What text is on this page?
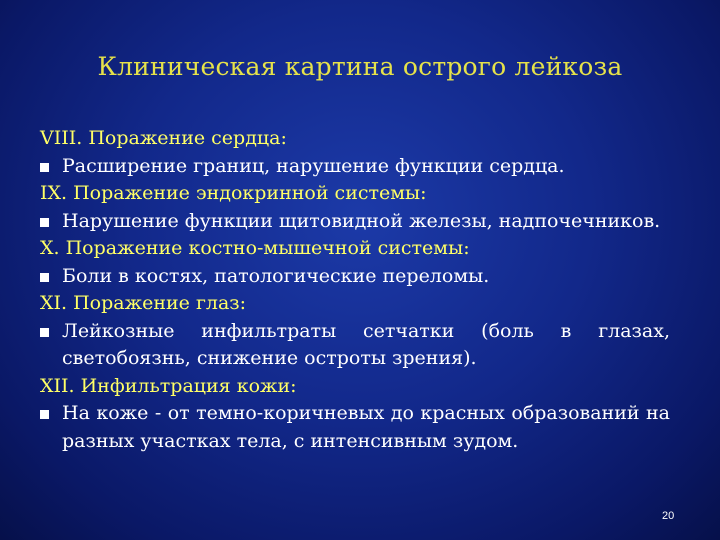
Клиническая картина острого лейкоза
VIII. Поражение сердца:
Расширение границ, нарушение функции сердца.
IX. Поражение эндокринной системы:
Нарушение функции щитовидной железы, надпочечников.
X. Поражение костно-мышечной системы:
Боли в костях, патологические переломы.
XI. Поражение глаз:
Лейкозные инфильтраты сетчатки (боль в глазах, светобоязнь, снижение остроты зрения).
XII. Инфильтрация кожи:
На коже - от темно-коричневых до красных образований на разных участках тела, с интенсивным зудом.
20
